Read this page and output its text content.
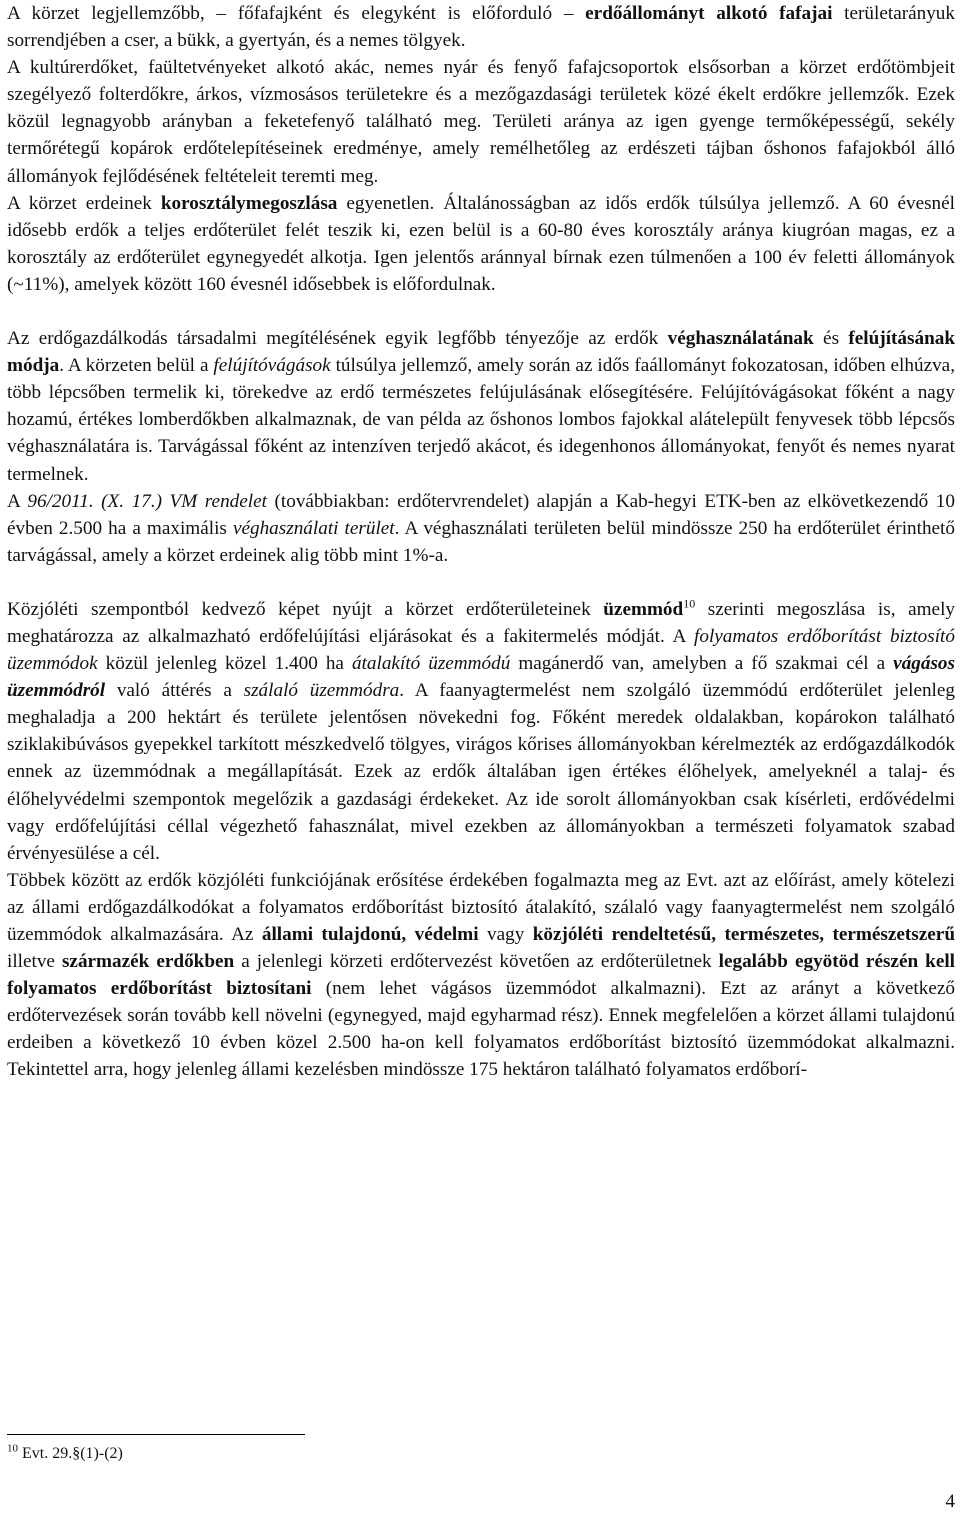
A körzet legjellemzőbb, – főfafajként és elegyként is előforduló – erdőállományt alkotó fafajai területarányuk sorrendjében a cser, a bükk, a gyertyán, és a nemes tölgyek.

A kultúrerdőket, faültetvényeket alkotó akác, nemes nyár és fenyő fafajcsoportok elsősorban a körzet erdőtömbjeit szegélyező folterdőkre, árkos, vízmosásos területekre és a mezőgazdasági területek közé ékelt erdőkre jellemzők. Ezek közül legnagyobb arányban a feketefenyő található meg. Területi aránya az igen gyenge termőképességű, sekély termőrétegű kopárok erdőtelepítéseinek eredménye, amely remélhetőleg az erdészeti tájban őshonos fafajokból álló állományok fejlődésének feltételeit teremti meg.

A körzet erdeinek korosztálymegoszlása egyenetlen. Általánosságban az idős erdők túlsúlya jellemző. A 60 évesnél idősebb erdők a teljes erdőterület felét teszik ki, ezen belül is a 60-80 éves korosztály aránya kiugróan magas, ez a korosztály az erdőterület egynegyedét alkotja. Igen jelentős aránnyal bírnak ezen túlmenően a 100 év feletti állományok (~11%), amelyek között 160 évesnél idősebbek is előfordulnak.

Az erdőgazdálkodás társadalmi megítélésének egyik legfőbb tényezője az erdők véghasználatának és felújításának módja. A körzeten belül a felújítóvágások túlsúlya jellemző, amely során az idős faállományt fokozatosan, időben elhúzva, több lépcsőben termelik ki, törekedve az erdő természetes felújulásának elősegítésére. Felújítóvágásokat főként a nagy hozamú, értékes lomberdőkben alkalmaznak, de van példa az őshonos lombos fajokkal alátelepült fenyvesek több lépcsős véghasználatára is. Tarvágással főként az intenzíven terjedő akácot, és idegenhonos állományokat, fenyőt és nemes nyarat termelnek.

A 96/2011. (X. 17.) VM rendelet (továbbiakban: erdőtervrendelet) alapján a Kab-hegyi ETK-ben az elkövetkezendő 10 évben 2.500 ha a maximális véghasználati terület. A véghasználati területen belül mindössze 250 ha erdőterület érinthető tarvágással, amely a körzet erdeinek alig több mint 1%-a.

Közjóléti szempontból kedvező képet nyújt a körzet erdőterületeinek üzemmód$^{10}$ szerinti megoszlása is, amely meghatározza az alkalmazható erdőfelújítási eljárásokat és a fakitermelés módját. A folyamatos erdőborítást biztosító üzemmódok közül jelenleg közel 1.400 ha átalakító üzemmódú magánerdő van, amelyben a fő szakmai cél a vágásos üzemmódról való áttérés a szálaló üzemmódra. A faanyagtermelést nem szolgáló üzemmódú erdőterület jelenleg meghaladja a 200 hektárt és területe jelentősen növekedni fog. Főként meredek oldalakban, kopárokon található sziklakibúvásos gyepekkel tarkított mészkedvelő tölgyes, virágos kőrises állományokban kérelmezték az erdőgazdálkodók ennek az üzemmódnak a megállapítását. Ezek az erdők általában igen értékes élőhelyek, amelyeknél a talaj- és élőhelyvédelmi szempontok megelőzik a gazdasági érdekeket. Az ide sorolt állományokban csak kísérleti, erdővédelmi vagy erdőfelújítási céllal végezhető fahasználat, mivel ezekben az állományokban a természeti folyamatok szabad érvényesülése a cél.

Többek között az erdők közjóléti funkciójának erősítése érdekében fogalmazta meg az Evt. azt az előírást, amely kötelezi az állami erdőgazdálkodókat a folyamatos erdőborítást biztosító átalakító, szálaló vagy faanyagtermelést nem szolgáló üzemmódok alkalmazására. Az állami tulajdonú, védelmi vagy közjóléti rendeltetésű, természetes, természetszerű illetve származék erdőkben a jelenlegi körzeti erdőtervezést követően az erdőterületnek legalább egyötöd részén kell folyamatos erdőborítást biztosítani (nem lehet vágásos üzemmódot alkalmazni). Ezt az arányt a következő erdőtervezések során tovább kell növelni (egynegyed, majd egyharmad rész). Ennek megfelelően a körzet állami tulajdonú erdeiben a következő 10 évben közel 2.500 ha-on kell folyamatos erdőborítást biztosító üzemmódokat alkalmazni. Tekintettel arra, hogy jelenleg állami kezelésben mindössze 175 hektáron található folyamatos erdőborí-

$^{10}$ Evt. 29.§(1)-(2)
4
